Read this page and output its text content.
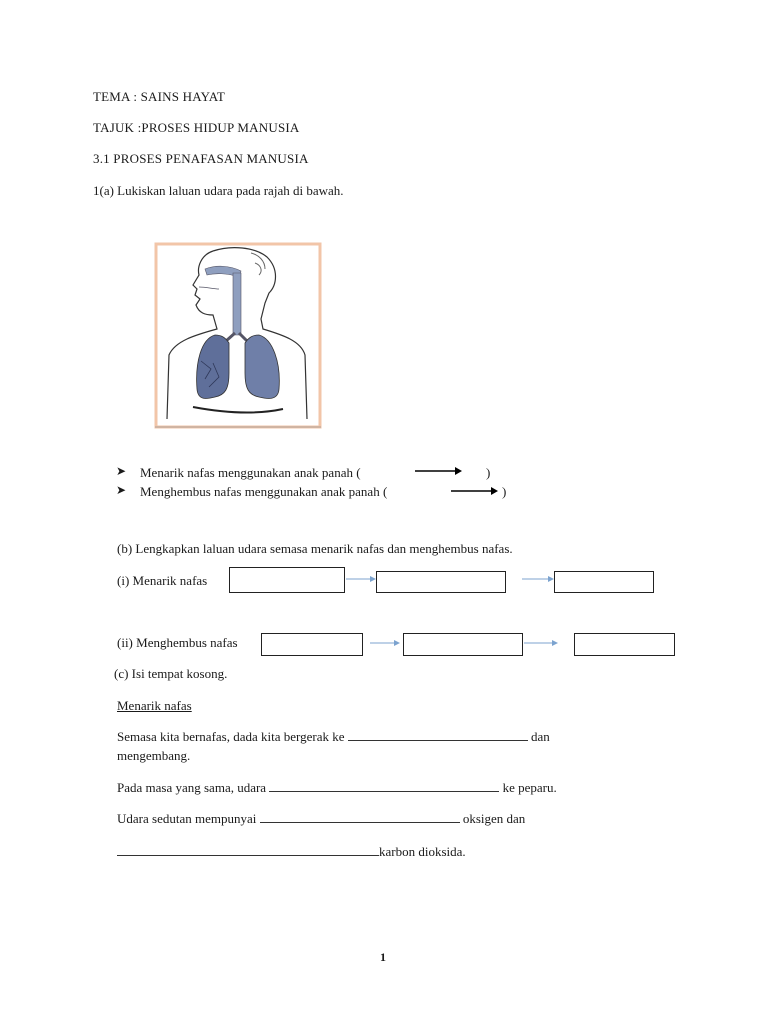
TEMA : SAINS HAYAT
TAJUK :PROSES HIDUP MANUSIA
3.1 PROSES PENAFASAN MANUSIA
1(a) Lukiskan laluan udara pada rajah di bawah.
➤ Menarik nafas menggunakan anak panah (	)
➤ Menghembus nafas menggunakan anak panah (	)
(b) Lengkapkan laluan udara semasa menarik nafas dan menghembus nafas.
(i) Menarik nafas
(ii) Menghembus nafas
(c) Isi tempat kosong.
Menarik nafas
Semasa kita bernafas, dada kita bergerak ke	dan
mengembang.
Pada masa yang sama, udara	ke peparu.
Udara sedutan mempunyai	oksigen dan
karbon dioksida.
1
